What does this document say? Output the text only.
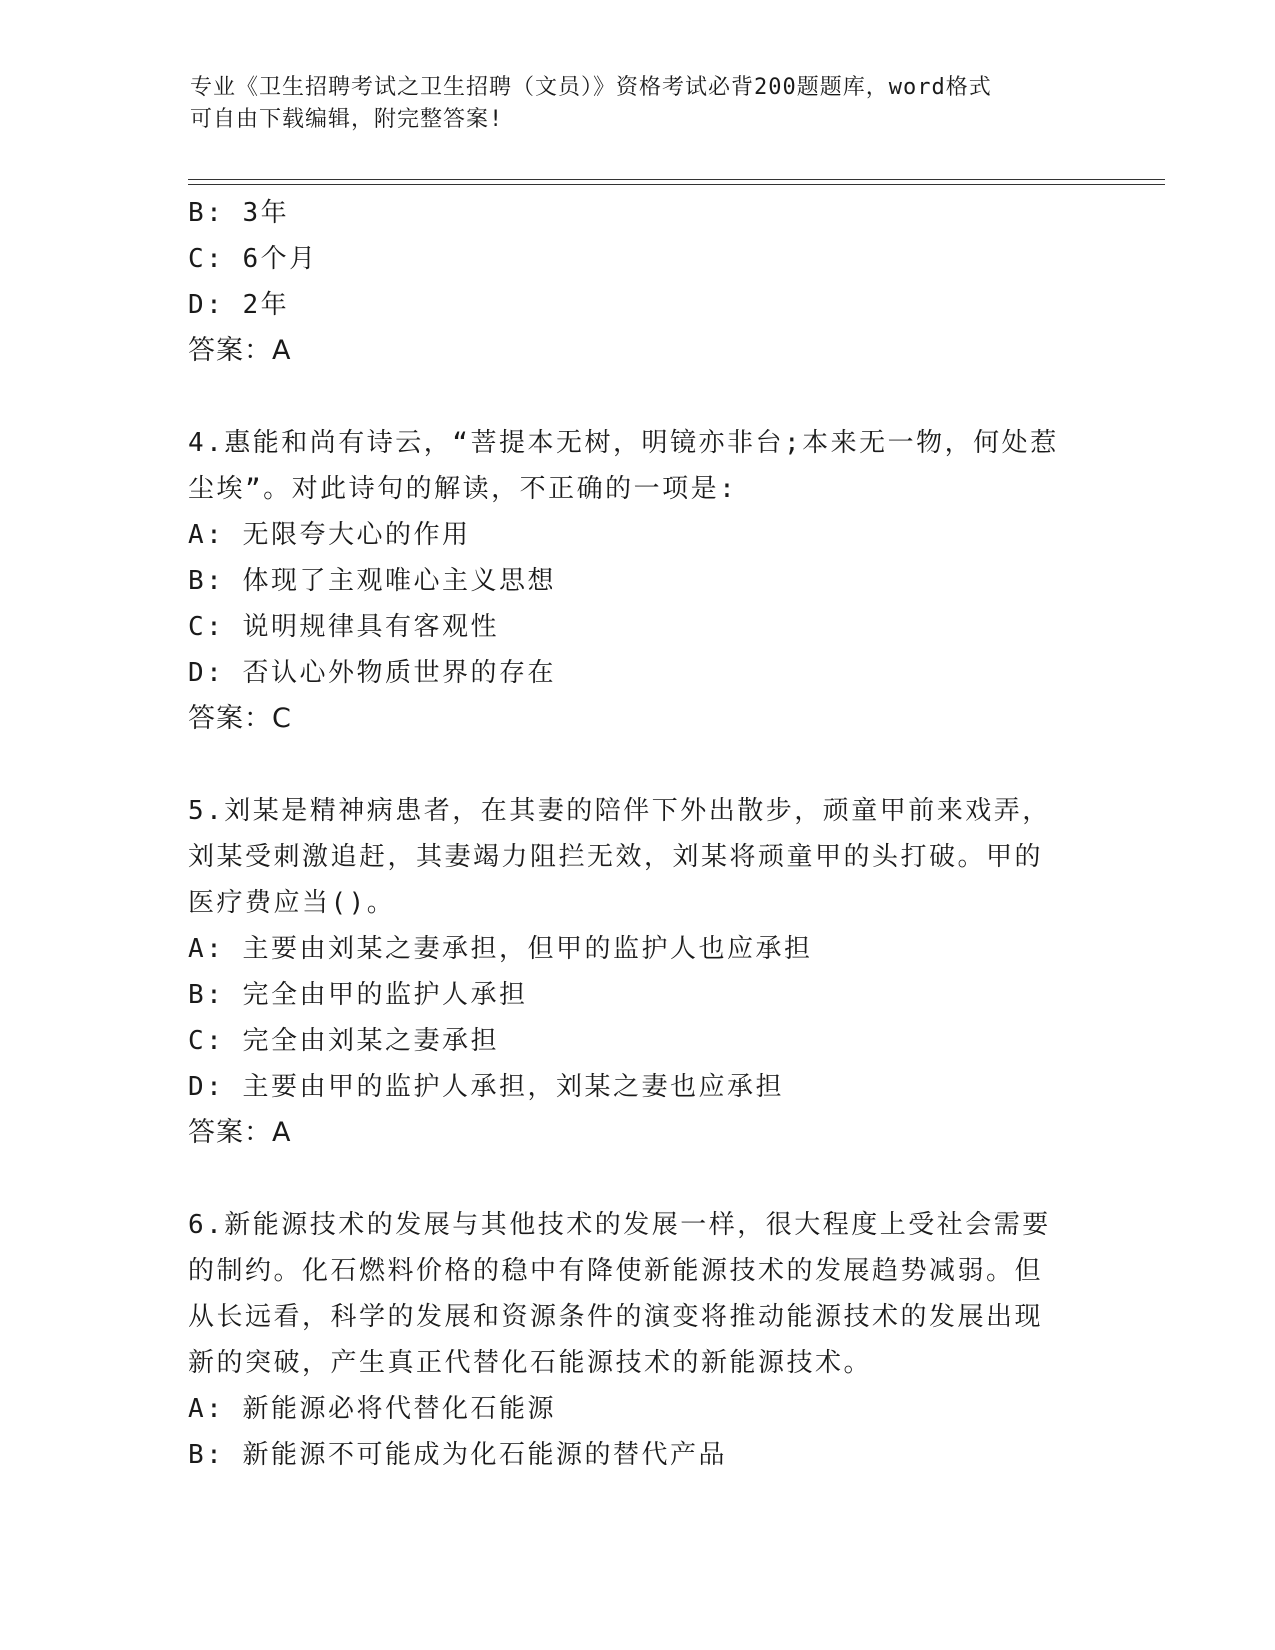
专业《卫生招聘考试之卫生招聘（文员）》资格考试必背200题题库，word格式
可自由下载编辑，附完整答案!
B: 3年
C: 6个月
D: 2年
答案：A
4.惠能和尚有诗云，“菩提本无树，明镜亦非台;本来无一物，何处惹
尘埃”。对此诗句的解读，不正确的一项是:
A: 无限夸大心的作用
B: 体现了主观唯心主义思想
C: 说明规律具有客观性
D: 否认心外物质世界的存在
答案：C
5.刘某是精神病患者，在其妻的陪伴下外出散步，顽童甲前来戏弄，
刘某受刺激追赶，其妻竭力阻拦无效，刘某将顽童甲的头打破。甲的
医疗费应当()。
A: 主要由刘某之妻承担，但甲的监护人也应承担
B: 完全由甲的监护人承担
C: 完全由刘某之妻承担
D: 主要由甲的监护人承担，刘某之妻也应承担
答案：A
6.新能源技术的发展与其他技术的发展一样，很大程度上受社会需要
的制约。化石燃料价格的稳中有降使新能源技术的发展趋势减弱。但
从长远看，科学的发展和资源条件的演变将推动能源技术的发展出现
新的突破，产生真正代替化石能源技术的新能源技术。
A: 新能源必将代替化石能源
B: 新能源不可能成为化石能源的替代产品
